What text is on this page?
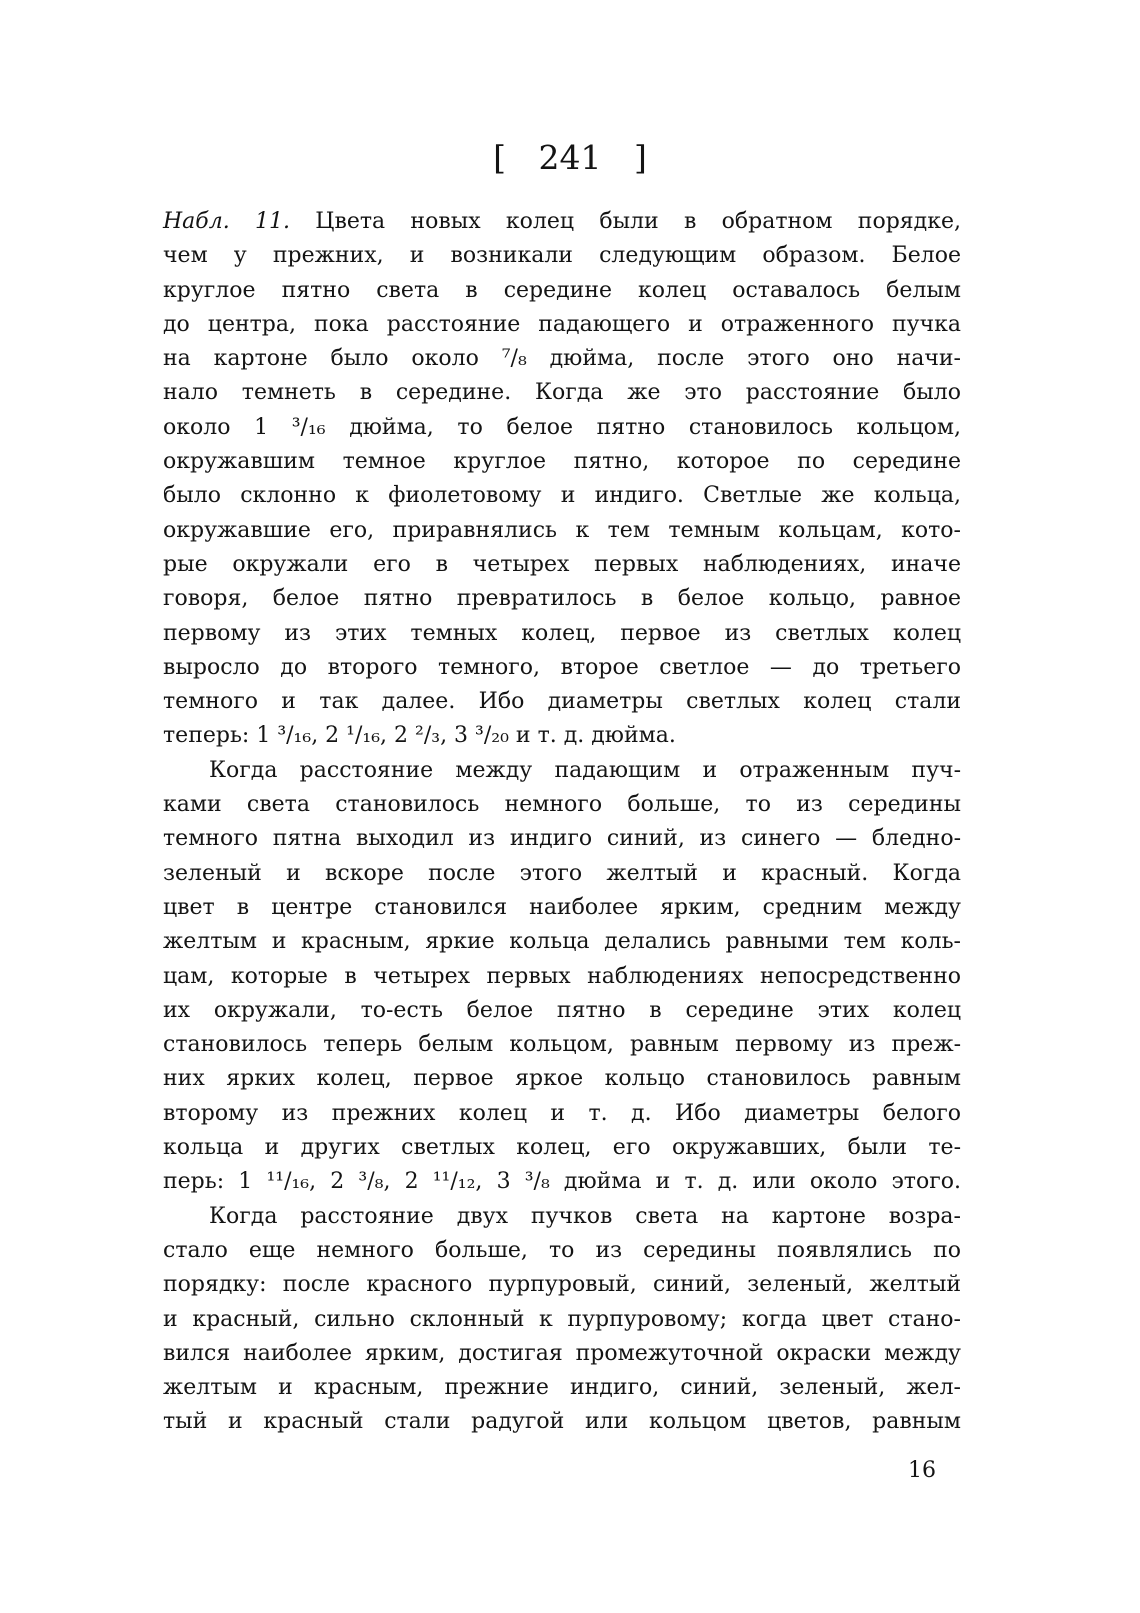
[ 241 ]
Набл. 11. Цвета новых колец были в обратном порядке,
чем у прежних, и возникали следующим образом. Белое
круглое пятно света в середине колец оставалось белым
до центра, пока расстояние падающего и отраженного пучка
на картоне было около ⁷/₈ дюйма, после этого оно начи-
нало темнеть в середине. Когда же это расстояние было
около 1 ³/₁₆ дюйма, то белое пятно становилось кольцом,
окружавшим темное круглое пятно, которое по середине
было склонно к фиолетовому и индиго. Светлые же кольца,
окружавшие его, приравнялись к тем темным кольцам, кото-
рые окружали его в четырех первых наблюдениях, иначе
говоря, белое пятно превратилось в белое кольцо, равное
первому из этих темных колец, первое из светлых колец
выросло до второго темного, второе светлое — до третьего
темного и так далее. Ибо диаметры светлых колец стали
теперь: 1 ³/₁₆, 2 ¹/₁₆, 2 ²/₃, 3 ³/₂₀ и т. д. дюйма.
Когда расстояние между падающим и отраженным пуч-
ками света становилось немного больше, то из середины
темного пятна выходил из индиго синий, из синего — бледно-
зеленый и вскоре после этого желтый и красный. Когда
цвет в центре становился наиболее ярким, средним между
желтым и красным, яркие кольца делались равными тем коль-
цам, которые в четырех первых наблюдениях непосредственно
их окружали, то-есть белое пятно в середине этих колец
становилось теперь белым кольцом, равным первому из преж-
них ярких колец, первое яркое кольцо становилось равным
второму из прежних колец и т. д. Ибо диаметры белого
кольца и других светлых колец, его окружавших, были те-
перь: 1 ¹¹/₁₆, 2 ³/₈, 2 ¹¹/₁₂, 3 ³/₈ дюйма и т. д. или около этого.
Когда расстояние двух пучков света на картоне возра-
стало еще немного больше, то из середины появлялись по
порядку: после красного пурпуровый, синий, зеленый, желтый
и красный, сильно склонный к пурпуровому; когда цвет стано-
вился наиболее ярким, достигая промежуточной окраски между
желтым и красным, прежние индиго, синий, зеленый, жел-
тый и красный стали радугой или кольцом цветов, равным
16
